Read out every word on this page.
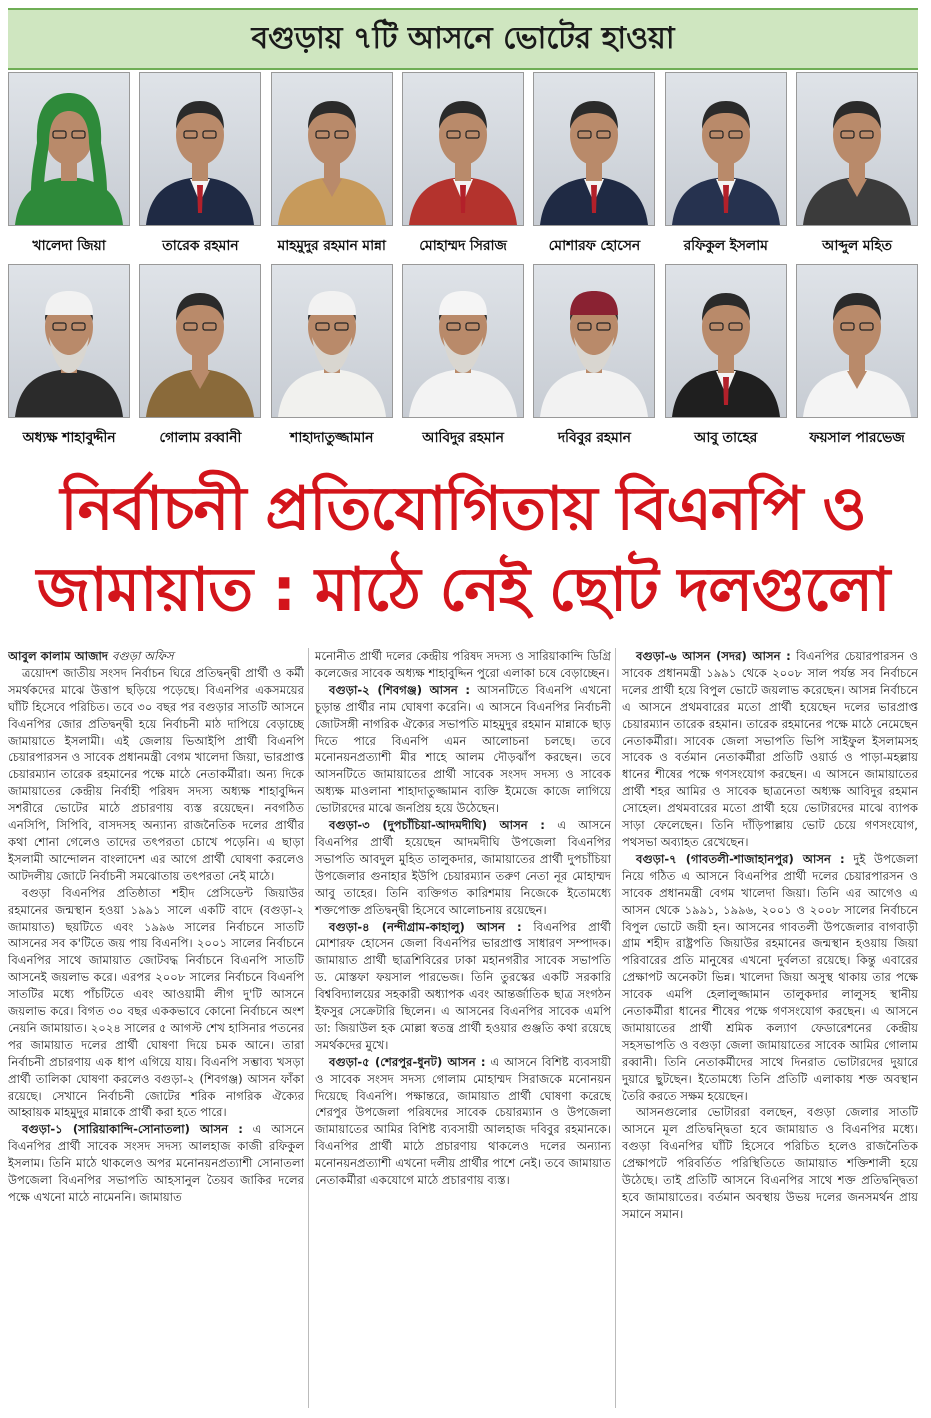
বগুড়ায় ৭টি আসনে ভোটের হাওয়া
খালেদা জিয়া	তারেক রহমান	মাহমুদুর রহমান মান্না মোহাম্মদ সিরাজ	মোশারফ হোসেন	রফিকুল ইসলাম	আব্দুল মহিত
অধ্যক্ষ শাহাবুদ্দীন	গোলাম রব্বানী	শাহাদাতুজ্জামান	আবিদুর রহমান	দবিবুর রহমান	আবু তাহের	ফয়সাল পারভেজ
নির্বাচনী প্রতিযোগিতায় বিএনপি ও
জামায়াত : মাঠে নেই ছোট দলগুলো

আবুল কালাম আজাদ বগুড়া অফিস

ত্রয়োদশ জাতীয় সংসদ নির্বাচন ঘিরে প্রতিদ্বন্দ্বী প্রার্থী ও কর্মী সমর্থকদের মাঝে উত্তাপ ছড়িয়ে পড়েছে। বিএনপির একসময়ের ঘাঁটি হিসেবে পরিচিত। তবে ৩০ বছর পর বগুড়ার সাতটি আসনে বিএনপির জোর প্রতিদ্বন্দ্বী হয়ে নির্বাচনী মাঠ দাপিয়ে বেড়াচ্ছে জামায়াতে ইসলামী। এই জেলায় ভিআইপি প্রার্থী বিএনপি চেয়ারপারসন ও সাবেক প্রধানমন্ত্রী বেগম খালেদা জিয়া, ভারপ্রাপ্ত চেয়ারম্যান তারেক রহমানের পক্ষে মাঠে নেতাকর্মীরা। অন্য দিকে জামায়াতের কেন্দ্রীয় নির্বাহী পরিষদ সদস্য অধ্যক্ষ শাহাবুদ্দিন সশরীরে ভোটের মাঠে প্রচারণায় ব্যস্ত রয়েছেন। নবগঠিত এনসিপি, সিপিবি, বাসদসহ অন্যান্য রাজনৈতিক দলের প্রার্থীর কথা শোনা গেলেও তাদের তৎপরতা চোখে পড়েনি। এ ছাড়া ইসলামী আন্দোলন বাংলাদেশ এর আগে প্রার্থী ঘোষণা করলেও আটদলীয় জোটে নির্বাচনী সমঝোতায় তৎপরতা নেই মাঠে।

বগুড়া বিএনপির প্রতিষ্ঠাতা শহীদ প্রেসিডেন্ট জিয়াউর রহমানের জন্মস্থান হওয়া ১৯৯১ সালে একটি বাদে (বগুড়া-২ জামায়াত) ছয়টিতে এবং ১৯৯৬ সালের নির্বাচনে সাতটি আসনের সব ক'টিতে জয় পায় বিএনপি। ২০০১ সালের নির্বাচনে বিএনপির সাথে জামায়াত জোটবদ্ধ নির্বাচনে বিএনপি সাতটি আসনেই জয়লাভ করে। এরপর ২০০৮ সালের নির্বাচনে বিএনপি সাতটির মধ্যে পাঁচটিতে এবং আওয়ামী লীগ দু'টি আসনে জয়লাভ করে। বিগত ৩০ বছর এককভাবে কোনো নির্বাচনে অংশ নেয়নি জামায়াত। ২০২৪ সালের ৫ আগস্ট শেখ হাসিনার পতনের পর জামায়াত দলের প্রার্থী ঘোষণা দিয়ে চমক আনে। তারা নির্বাচনী প্রচারণায় এক ধাপ এগিয়ে যায়। বিএনপি সম্ভাব্য খসড়া প্রার্থী তালিকা ঘোষণা করলেও বগুড়া-২ (শিবগঞ্জ) আসন ফাঁকা রয়েছে। সেখানে নির্বাচনী জোটের শরিক নাগরিক ঐক্যের আহ্বায়ক মাহমুদুর মান্নাকে প্রার্থী করা হতে পারে।

বগুড়া-১ (সারিয়াকান্দি-সোনাতলা) আসন : এ আসনে বিএনপির প্রার্থী সাবেক সংসদ সদস্য আলহাজ কাজী রফিকুল ইসলাম। তিনি মাঠে থাকলেও অপর মনোনয়নপ্রত্যাশী সোনাতলা উপজেলা বিএনপির সভাপতি আহসানুল তৈয়ব জাকির দলের পক্ষে এখনো মাঠে নামেননি। জামায়াত

মনোনীত প্রার্থী দলের কেন্দ্রীয় পরিষদ সদস্য ও সারিয়াকান্দি ডিগ্রি কলেজের সাবেক অধ্যক্ষ শাহাবুদ্দিন পুরো এলাকা চষে বেড়াচ্ছেন।

বগুড়া-২ (শিবগঞ্জ) আসন : আসনটিতে বিএনপি এখনো চূড়ান্ত প্রার্থীর নাম ঘোষণা করেনি। এ আসনে বিএনপির নির্বাচনী জোটসঙ্গী নাগরিক ঐক্যের সভাপতি মাহমুদুর রহমান মান্নাকে ছাড় দিতে পারে বিএনপি এমন আলোচনা চলছে। তবে মনোনয়নপ্রত্যাশী মীর শাহে আলম দৌড়ঝাঁপ করছেন। তবে আসনটিতে জামায়াতের প্রার্থী সাবেক সংসদ সদস্য ও সাবেক অধ্যক্ষ মাওলানা শাহাদাতুজ্জামান ব্যক্তি ইমেজে কাজে লাগিয়ে ভোটারদের মাঝে জনপ্রিয় হয়ে উঠেছেন।

বগুড়া-৩ (দুপচাঁচিয়া-আদমদীঘি) আসন : এ আসনে বিএনপির প্রার্থী হয়েছেন আদমদীঘি উপজেলা বিএনপির সভাপতি আবদুল মুহিত তালুকদার, জামায়াতের প্রার্থী দুপচাঁচিয়া উপজেলার গুনাহার ইউপি চেয়ারম্যান তরুণ নেতা নূর মোহাম্মদ আবু তাহের। তিনি ব্যক্তিগত কারিশমায় নিজেকে ইতোমধ্যে শক্তপোক্ত প্রতিদ্বন্দ্বী হিসেবে আলোচনায় রয়েছেন।

বগুড়া-৪ (নন্দীগ্রাম-কাহালু) আসন : বিএনপির প্রার্থী মোশারফ হোসেন জেলা বিএনপির ভারপ্রাপ্ত সাধারণ সম্পাদক। জামায়াত প্রার্থী ছাত্রশিবিরের ঢাকা মহানগরীর সাবেক সভাপতি ড. মোস্তফা ফয়সাল পারভেজ। তিনি তুরস্কের একটি সরকারি বিশ্ববিদ্যালয়ের সহকারী অধ্যাপক এবং আন্তর্জাতিক ছাত্র সংগঠন ইফসুর সেক্রেটারি ছিলেন। এ আসনের বিএনপির সাবেক এমপি ডা: জিয়াউল হক মোল্লা স্বতন্ত্র প্রার্থী হওয়ার গুঞ্জতি কথা রয়েছে সমর্থকদের মুখে।

বগুড়া-৫ (শেরপুর-ধুনট) আসন : এ আসনে বিশিষ্ট ব্যবসায়ী ও সাবেক সংসদ সদস্য গোলাম মোহাম্মদ সিরাজকে মনোনয়ন দিয়েছে বিএনপি। পক্ষান্তরে, জামায়াত প্রার্থী ঘোষণা করেছে শেরপুর উপজেলা পরিষদের সাবেক চেয়ারম্যান ও উপজেলা জামায়াতের আমির বিশিষ্ট ব্যবসায়ী আলহাজ দবিবুর রহমানকে। বিএনপির প্রার্থী মাঠে প্রচারণায় থাকলেও দলের অন্যান্য মনোনয়নপ্রত্যাশী এখনো দলীয় প্রার্থীর পাশে নেই। তবে জামায়াত নেতাকর্মীরা একযোগে মাঠে প্রচারণায় ব্যস্ত।

বগুড়া-৬ আসন (সদর) আসন : বিএনপির চেয়ারপারসন ও সাবেক প্রধানমন্ত্রী ১৯৯১ থেকে ২০০৮ সাল পর্যন্ত সব নির্বাচনে দলের প্রার্থী হয়ে বিপুল ভোটে জয়লাভ করেছেন। আসন্ন নির্বাচনে এ আসনে প্রথমবারের মতো প্রার্থী হয়েছেন দলের ভারপ্রাপ্ত চেয়ারম্যান তারেক রহমান। তারেক রহমানের পক্ষে মাঠে নেমেছেন নেতাকর্মীরা। সাবেক জেলা সভাপতি ভিপি সাইফুল ইসলামসহ সাবেক ও বর্তমান নেতাকর্মীরা প্রতিটি ওয়ার্ড ও পাড়া-মহল্লায় ধানের শীষের পক্ষে গণসংযোগ করছেন। এ আসনে জামায়াতের প্রার্থী শহর আমির ও সাবেক ছাত্রনেতা অধ্যক্ষ আবিদুর রহমান সোহেল। প্রথমবারের মতো প্রার্থী হয়ে ভোটারদের মাঝে ব্যাপক সাড়া ফেলেছেন। তিনি দাঁড়িপাল্লায় ভোট চেয়ে গণসংযোগ, পথসভা অব্যাহত রেখেছেন।

বগুড়া-৭ (গাবতলী-শাজাহানপুর) আসন : দুই উপজেলা নিয়ে গঠিত এ আসনে বিএনপির প্রার্থী দলের চেয়ারপারসন ও সাবেক প্রধানমন্ত্রী বেগম খালেদা জিয়া। তিনি এর আগেও এ আসন থেকে ১৯৯১, ১৯৯৬, ২০০১ ও ২০০৮ সালের নির্বাচনে বিপুল ভোটে জয়ী হন। আসনের গাবতলী উপজেলার বাগবাড়ী গ্রাম শহীদ রাষ্ট্রপতি জিয়াউর রহমানের জন্মস্থান হওয়ায় জিয়া পরিবারের প্রতি মানুষের এখনো দুর্বলতা রয়েছে। কিন্তু এবারের প্রেক্ষাপট অনেকটা ভিন্ন। খালেদা জিয়া অসুস্থ থাকায় তার পক্ষে সাবেক এমপি হেলালুজ্জামান তালুকদার লালুসহ স্থানীয় নেতাকর্মীরা ধানের শীষের পক্ষে গণসংযোগ করছেন। এ আসনে জামায়াতের প্রার্থী শ্রমিক কল্যাণ ফেডারেশনের কেন্দ্রীয় সহসভাপতি ও বগুড়া জেলা জামায়াতের সাবেক আমির গোলাম রব্বানী। তিনি নেতাকর্মীদের সাথে দিনরাত ভোটারদের দুয়ারে দুয়ারে ছুটছেন। ইতোমধ্যে তিনি প্রতিটি এলাকায় শক্ত অবস্থান তৈরি করতে সক্ষম হয়েছেন।

আসনগুলোর ভোটাররা বলছেন, বগুড়া জেলার সাতটি আসনে মূল প্রতিদ্বন্দ্বিতা হবে জামায়াত ও বিএনপির মধ্যে। বগুড়া বিএনপির ঘাঁটি হিসেবে পরিচিত হলেও রাজনৈতিক প্রেক্ষাপটে পরিবর্তিত পরিস্থিতিতে জামায়াত শক্তিশালী হয়ে উঠেছে। তাই প্রতিটি আসনে বিএনপির সাথে শক্ত প্রতিদ্বন্দ্বিতা হবে জামায়াতের। বর্তমান অবস্থায় উভয় দলের জনসমর্থন প্রায় সমানে সমান।
